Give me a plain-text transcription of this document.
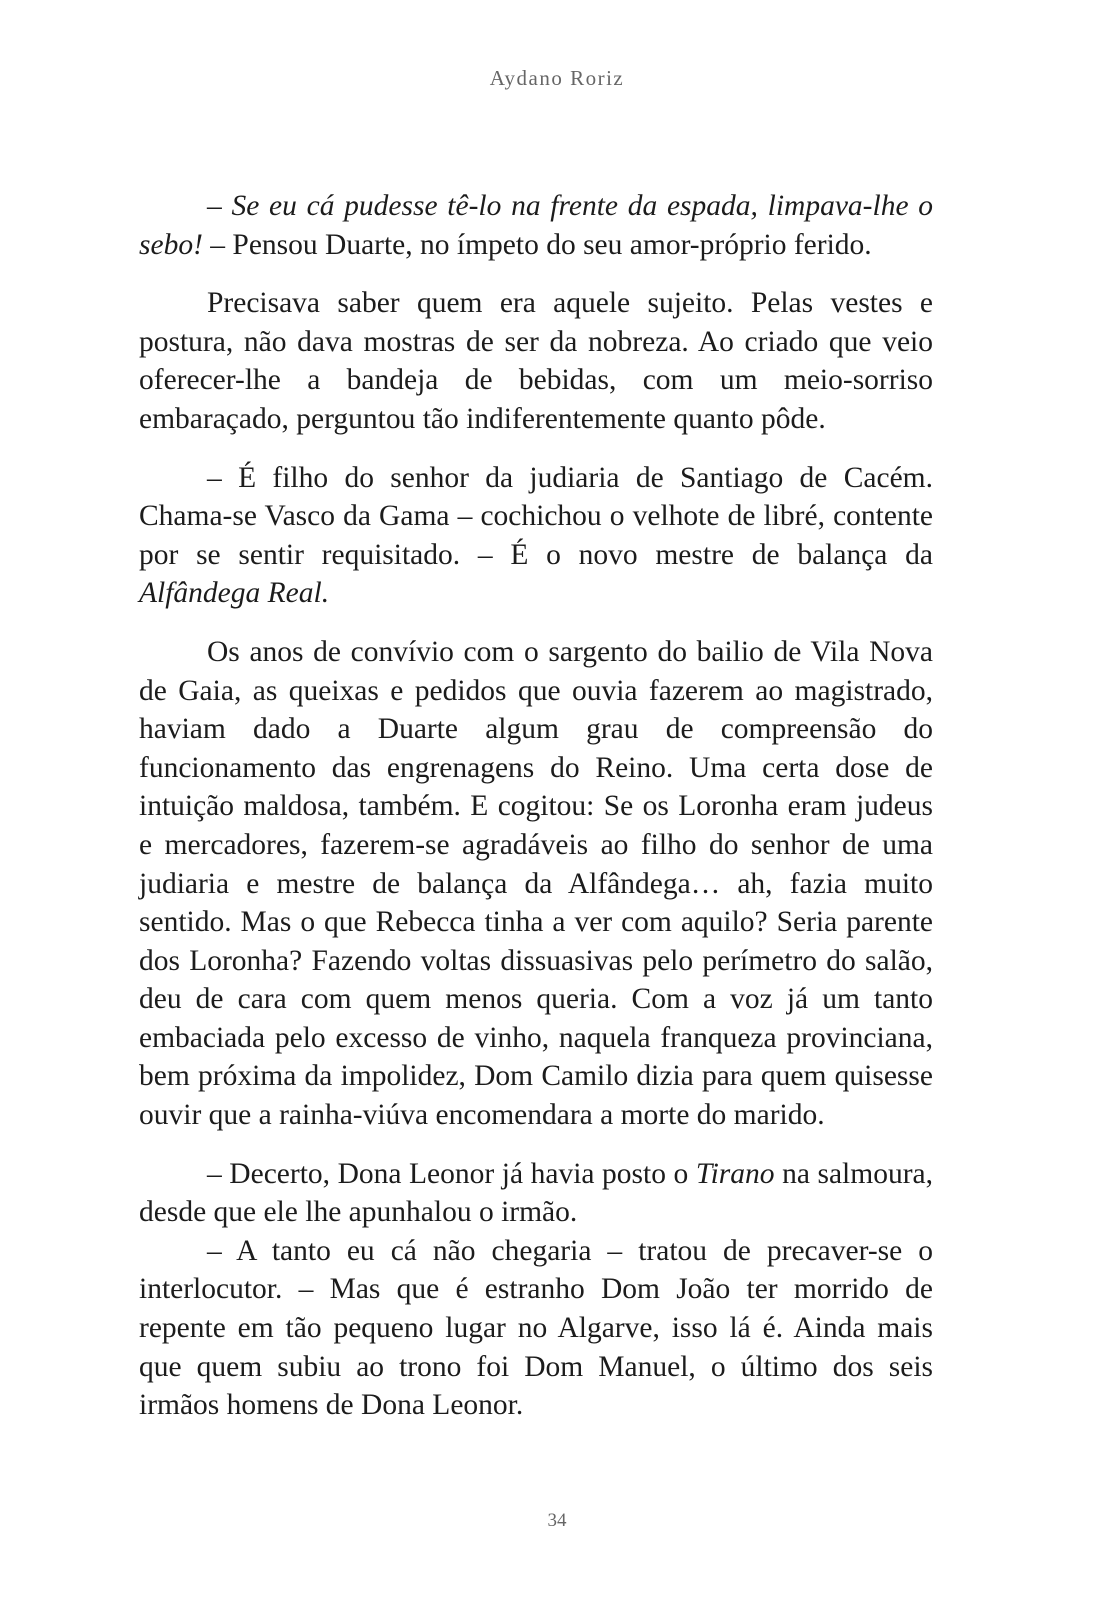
Aydano Roriz

– Se eu cá pudesse tê-lo na frente da espada, limpava-lhe o sebo! – Pensou Duarte, no ímpeto do seu amor-próprio ferido.

Precisava saber quem era aquele sujeito. Pelas vestes e postura, não dava mostras de ser da nobreza. Ao criado que veio oferecer-lhe a bandeja de bebidas, com um meio-sorriso embaraçado, perguntou tão indiferentemente quanto pôde.

– É filho do senhor da judiaria de Santiago de Cacém. Chama-se Vasco da Gama – cochichou o velhote de libré, contente por se sentir requisitado. – É o novo mestre de balança da Alfândega Real.

Os anos de convívio com o sargento do bailio de Vila Nova de Gaia, as queixas e pedidos que ouvia fazerem ao magistrado, haviam dado a Duarte algum grau de compreensão do funcionamento das engrenagens do Reino. Uma certa dose de intuição maldosa, também. E cogitou: Se os Loronha eram judeus e mercadores, fazerem-se agradáveis ao filho do senhor de uma judiaria e mestre de balança da Alfândega… ah, fazia muito sentido. Mas o que Rebecca tinha a ver com aquilo? Seria parente dos Loronha? Fazendo voltas dissuasivas pelo perímetro do salão, deu de cara com quem menos queria. Com a voz já um tanto embaciada pelo excesso de vinho, naquela franqueza provinciana, bem próxima da impolidez, Dom Camilo dizia para quem quisesse ouvir que a rainha-viúva encomendara a morte do marido.

– Decerto, Dona Leonor já havia posto o Tirano na salmoura, desde que ele lhe apunhalou o irmão.

– A tanto eu cá não chegaria – tratou de precaver-se o interlocutor. – Mas que é estranho Dom João ter morrido de repente em tão pequeno lugar no Algarve, isso lá é. Ainda mais que quem subiu ao trono foi Dom Manuel, o último dos seis irmãos homens de Dona Leonor.

34
